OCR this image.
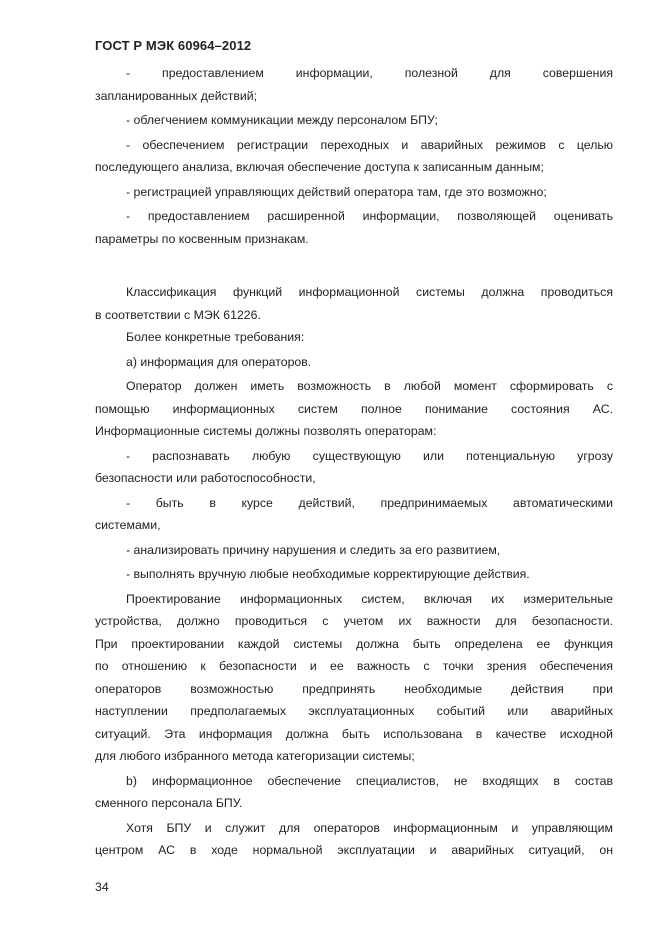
ГОСТ Р МЭК 60964–2012

- предоставлением информации, полезной для совершения

запланированных действий;

- облегчением коммуникации между персоналом БПУ;

- обеспечением регистрации переходных и аварийных режимов с целью

последующего анализа, включая обеспечение доступа к записанным данным;

- регистрацией управляющих действий оператора там, где это возможно;

- предоставлением расширенной информации, позволяющей оценивать

параметры по косвенным признакам.

Классификация функций информационной системы должна проводиться

в соответствии с МЭК 61226.

Более конкретные требования:

а) информация для операторов.

Оператор должен иметь возможность в любой момент сформировать с

помощью информационных систем полное понимание состояния АС.

Информационные системы должны позволять операторам:

- распознавать любую существующую или потенциальную угрозу

безопасности или работоспособности,

- быть в курсе действий, предпринимаемых автоматическими

системами,

- анализировать причину нарушения и следить за его развитием,

- выполнять вручную любые необходимые корректирующие действия.

Проектирование информационных систем, включая их измерительные

устройства, должно проводиться с учетом их важности для безопасности.

При проектировании каждой системы должна быть определена ее функция

по отношению к безопасности и ее важность с точки зрения обеспечения

операторов возможностью предпринять необходимые действия при

наступлении предполагаемых эксплуатационных событий или аварийных

ситуаций. Эта информация должна быть использована в качестве исходной

для любого избранного метода категоризации системы;

b) информационное обеспечение специалистов, не входящих в состав

сменного персонала БПУ.

Хотя БПУ и служит для операторов информационным и управляющим

центром АС в ходе нормальной эксплуатации и аварийных ситуаций, он

34
